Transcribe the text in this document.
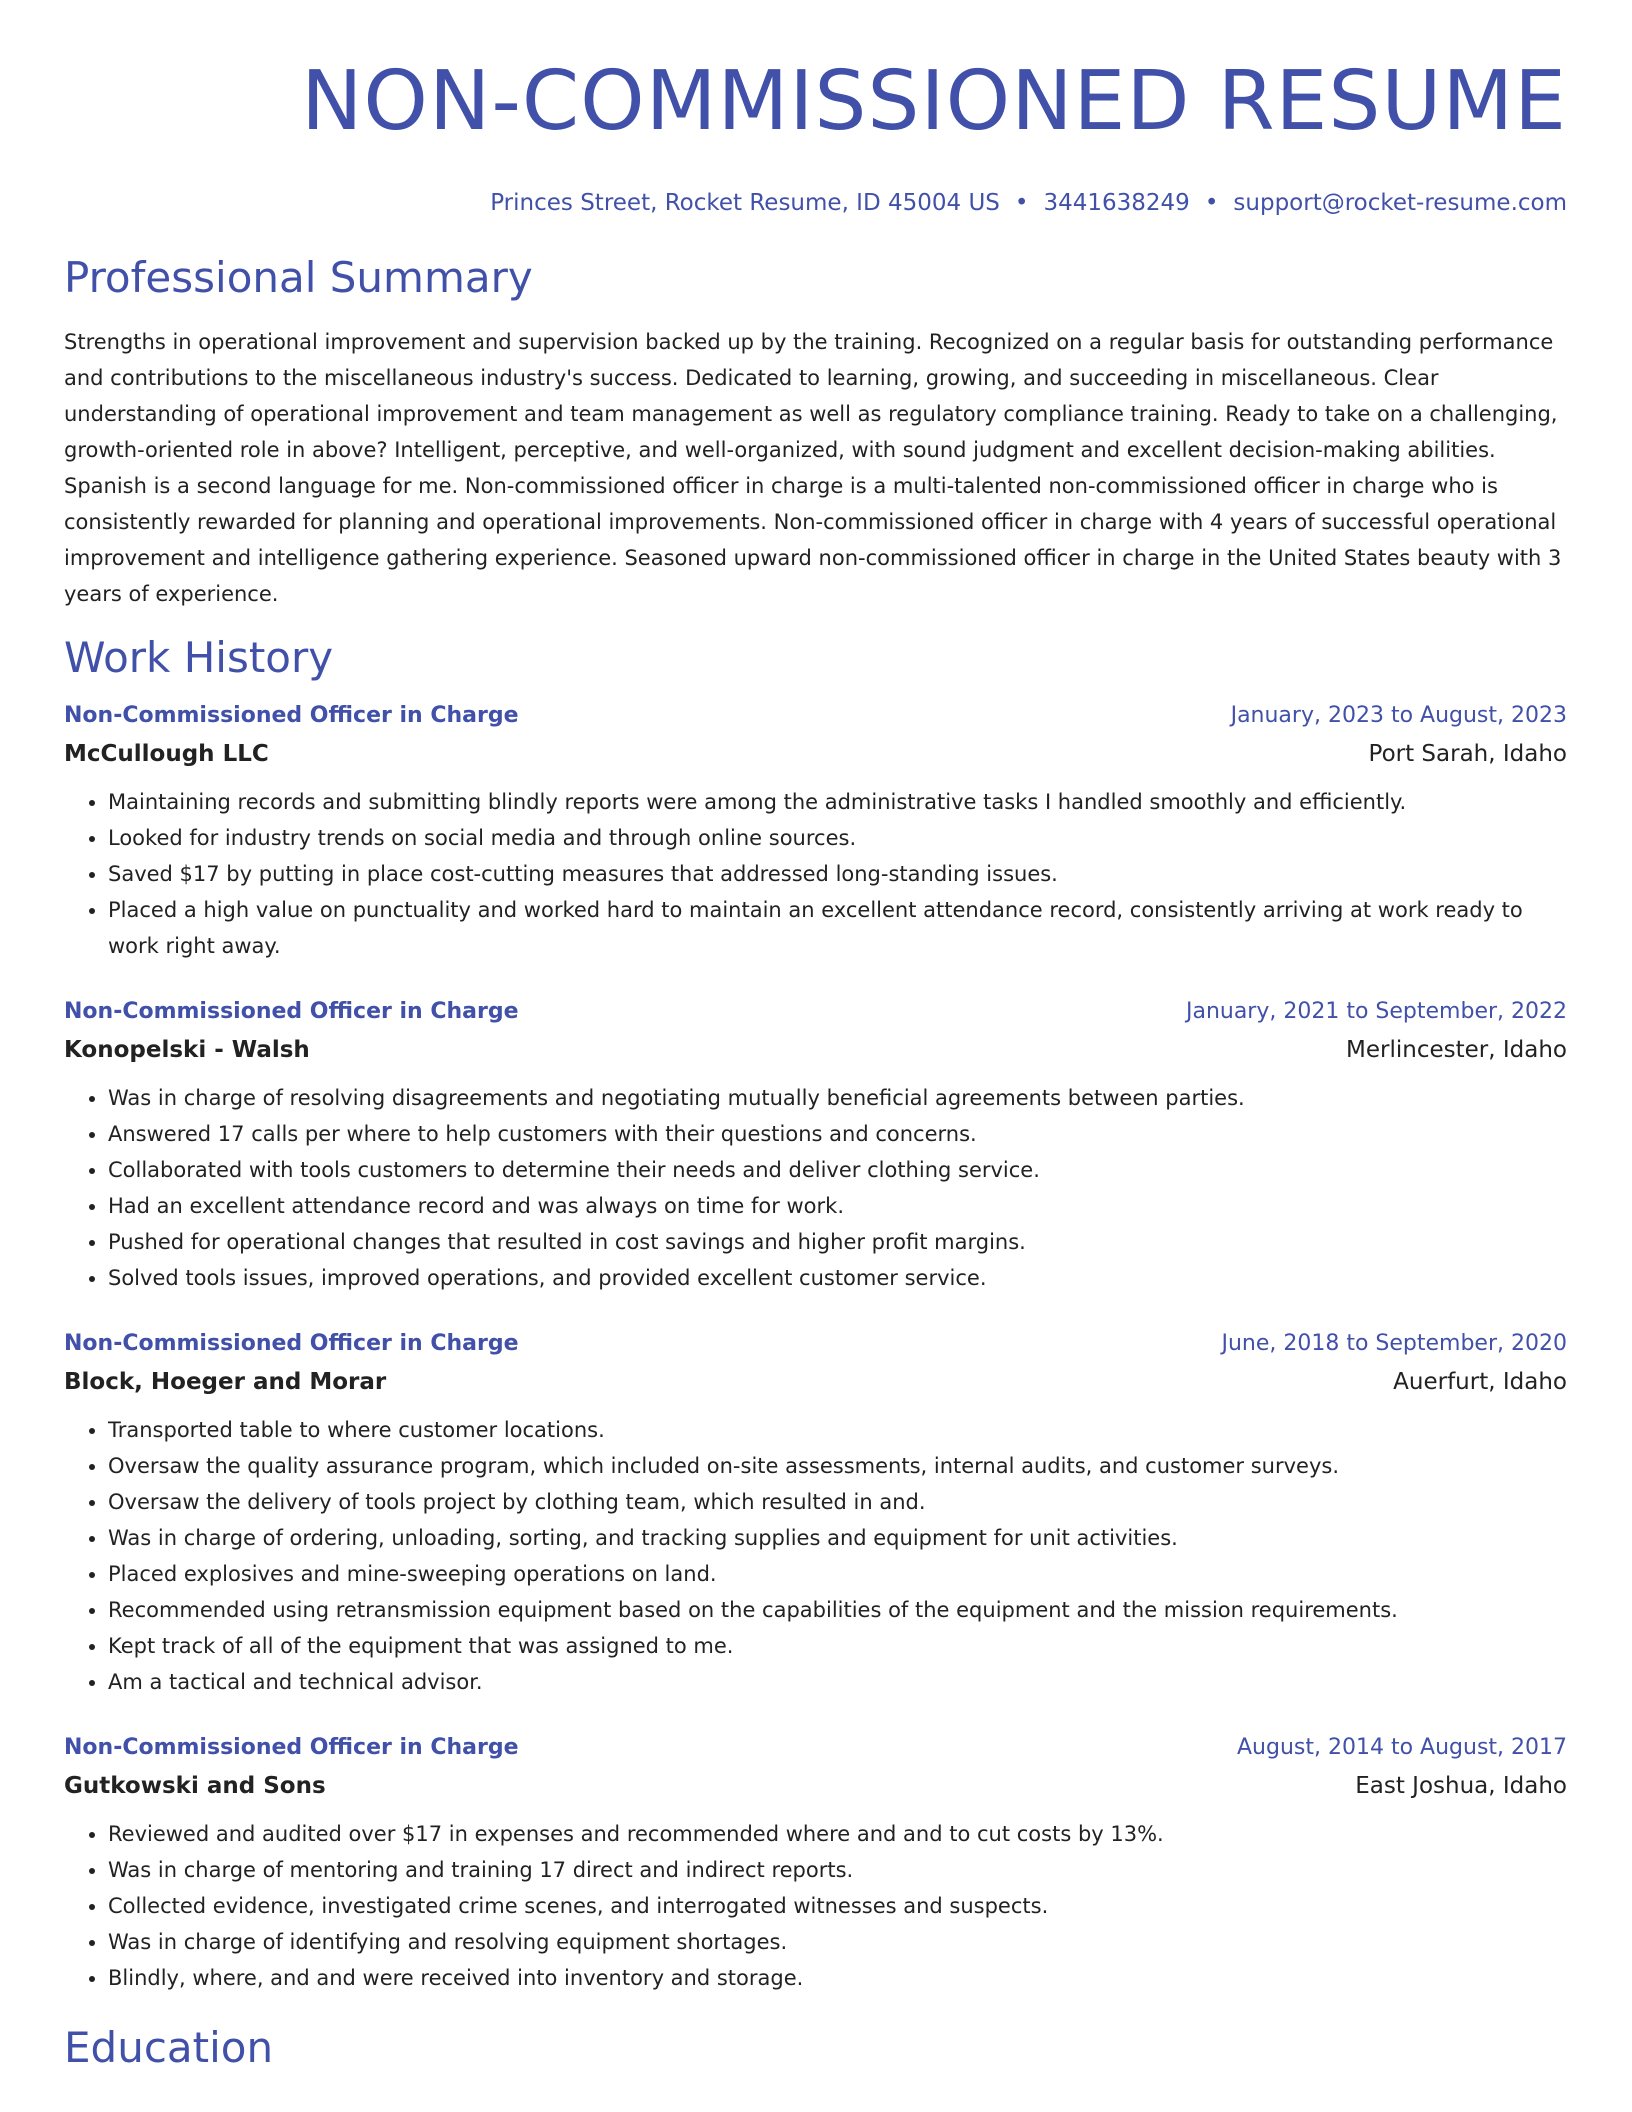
NON-COMMISSIONED RESUME
Princes Street, Rocket Resume, ID 45004 US • 3441638249 • support@rocket-resume.com
Professional Summary

Strengths in operational improvement and supervision backed up by the training. Recognized on a regular basis for outstanding performance and contributions to the miscellaneous industry's success. Dedicated to learning, growing, and succeeding in miscellaneous. Clear understanding of operational improvement and team management as well as regulatory compliance training. Ready to take on a challenging, growth-oriented role in above? Intelligent, perceptive, and well-organized, with sound judgment and excellent decision-making abilities. Spanish is a second language for me. Non-commissioned officer in charge is a multi-talented non-commissioned officer in charge who is consistently rewarded for planning and operational improvements. Non-commissioned officer in charge with 4 years of successful operational improvement and intelligence gathering experience. Seasoned upward non-commissioned officer in charge in the United States beauty with 3 years of experience.

Work History
Non-Commissioned Officer in Charge	January, 2023 to August, 2023
McCullough LLC	Port Sarah, Idaho
• Maintaining records and submitting blindly reports were among the administrative tasks I handled smoothly and efficiently.
• Looked for industry trends on social media and through online sources.
• Saved $17 by putting in place cost-cutting measures that addressed long-standing issues.
• Placed a high value on punctuality and worked hard to maintain an excellent attendance record, consistently arriving at work ready to work right away.
Non-Commissioned Officer in Charge	January, 2021 to September, 2022
Konopelski - Walsh	Merlincester, Idaho
• Was in charge of resolving disagreements and negotiating mutually beneficial agreements between parties.
• Answered 17 calls per where to help customers with their questions and concerns.
• Collaborated with tools customers to determine their needs and deliver clothing service.
• Had an excellent attendance record and was always on time for work.
• Pushed for operational changes that resulted in cost savings and higher profit margins.
• Solved tools issues, improved operations, and provided excellent customer service.
Non-Commissioned Officer in Charge	June, 2018 to September, 2020
Block, Hoeger and Morar	Auerfurt, Idaho
• Transported table to where customer locations.
• Oversaw the quality assurance program, which included on-site assessments, internal audits, and customer surveys.
• Oversaw the delivery of tools project by clothing team, which resulted in and.
• Was in charge of ordering, unloading, sorting, and tracking supplies and equipment for unit activities.
• Placed explosives and mine-sweeping operations on land.
• Recommended using retransmission equipment based on the capabilities of the equipment and the mission requirements.
• Kept track of all of the equipment that was assigned to me.
• Am a tactical and technical advisor.
Non-Commissioned Officer in Charge	August, 2014 to August, 2017
Gutkowski and Sons	East Joshua, Idaho
• Reviewed and audited over $17 in expenses and recommended where and and to cut costs by 13%.
• Was in charge of mentoring and training 17 direct and indirect reports.
• Collected evidence, investigated crime scenes, and interrogated witnesses and suspects.
• Was in charge of identifying and resolving equipment shortages.
• Blindly, where, and and were received into inventory and storage.
Education
